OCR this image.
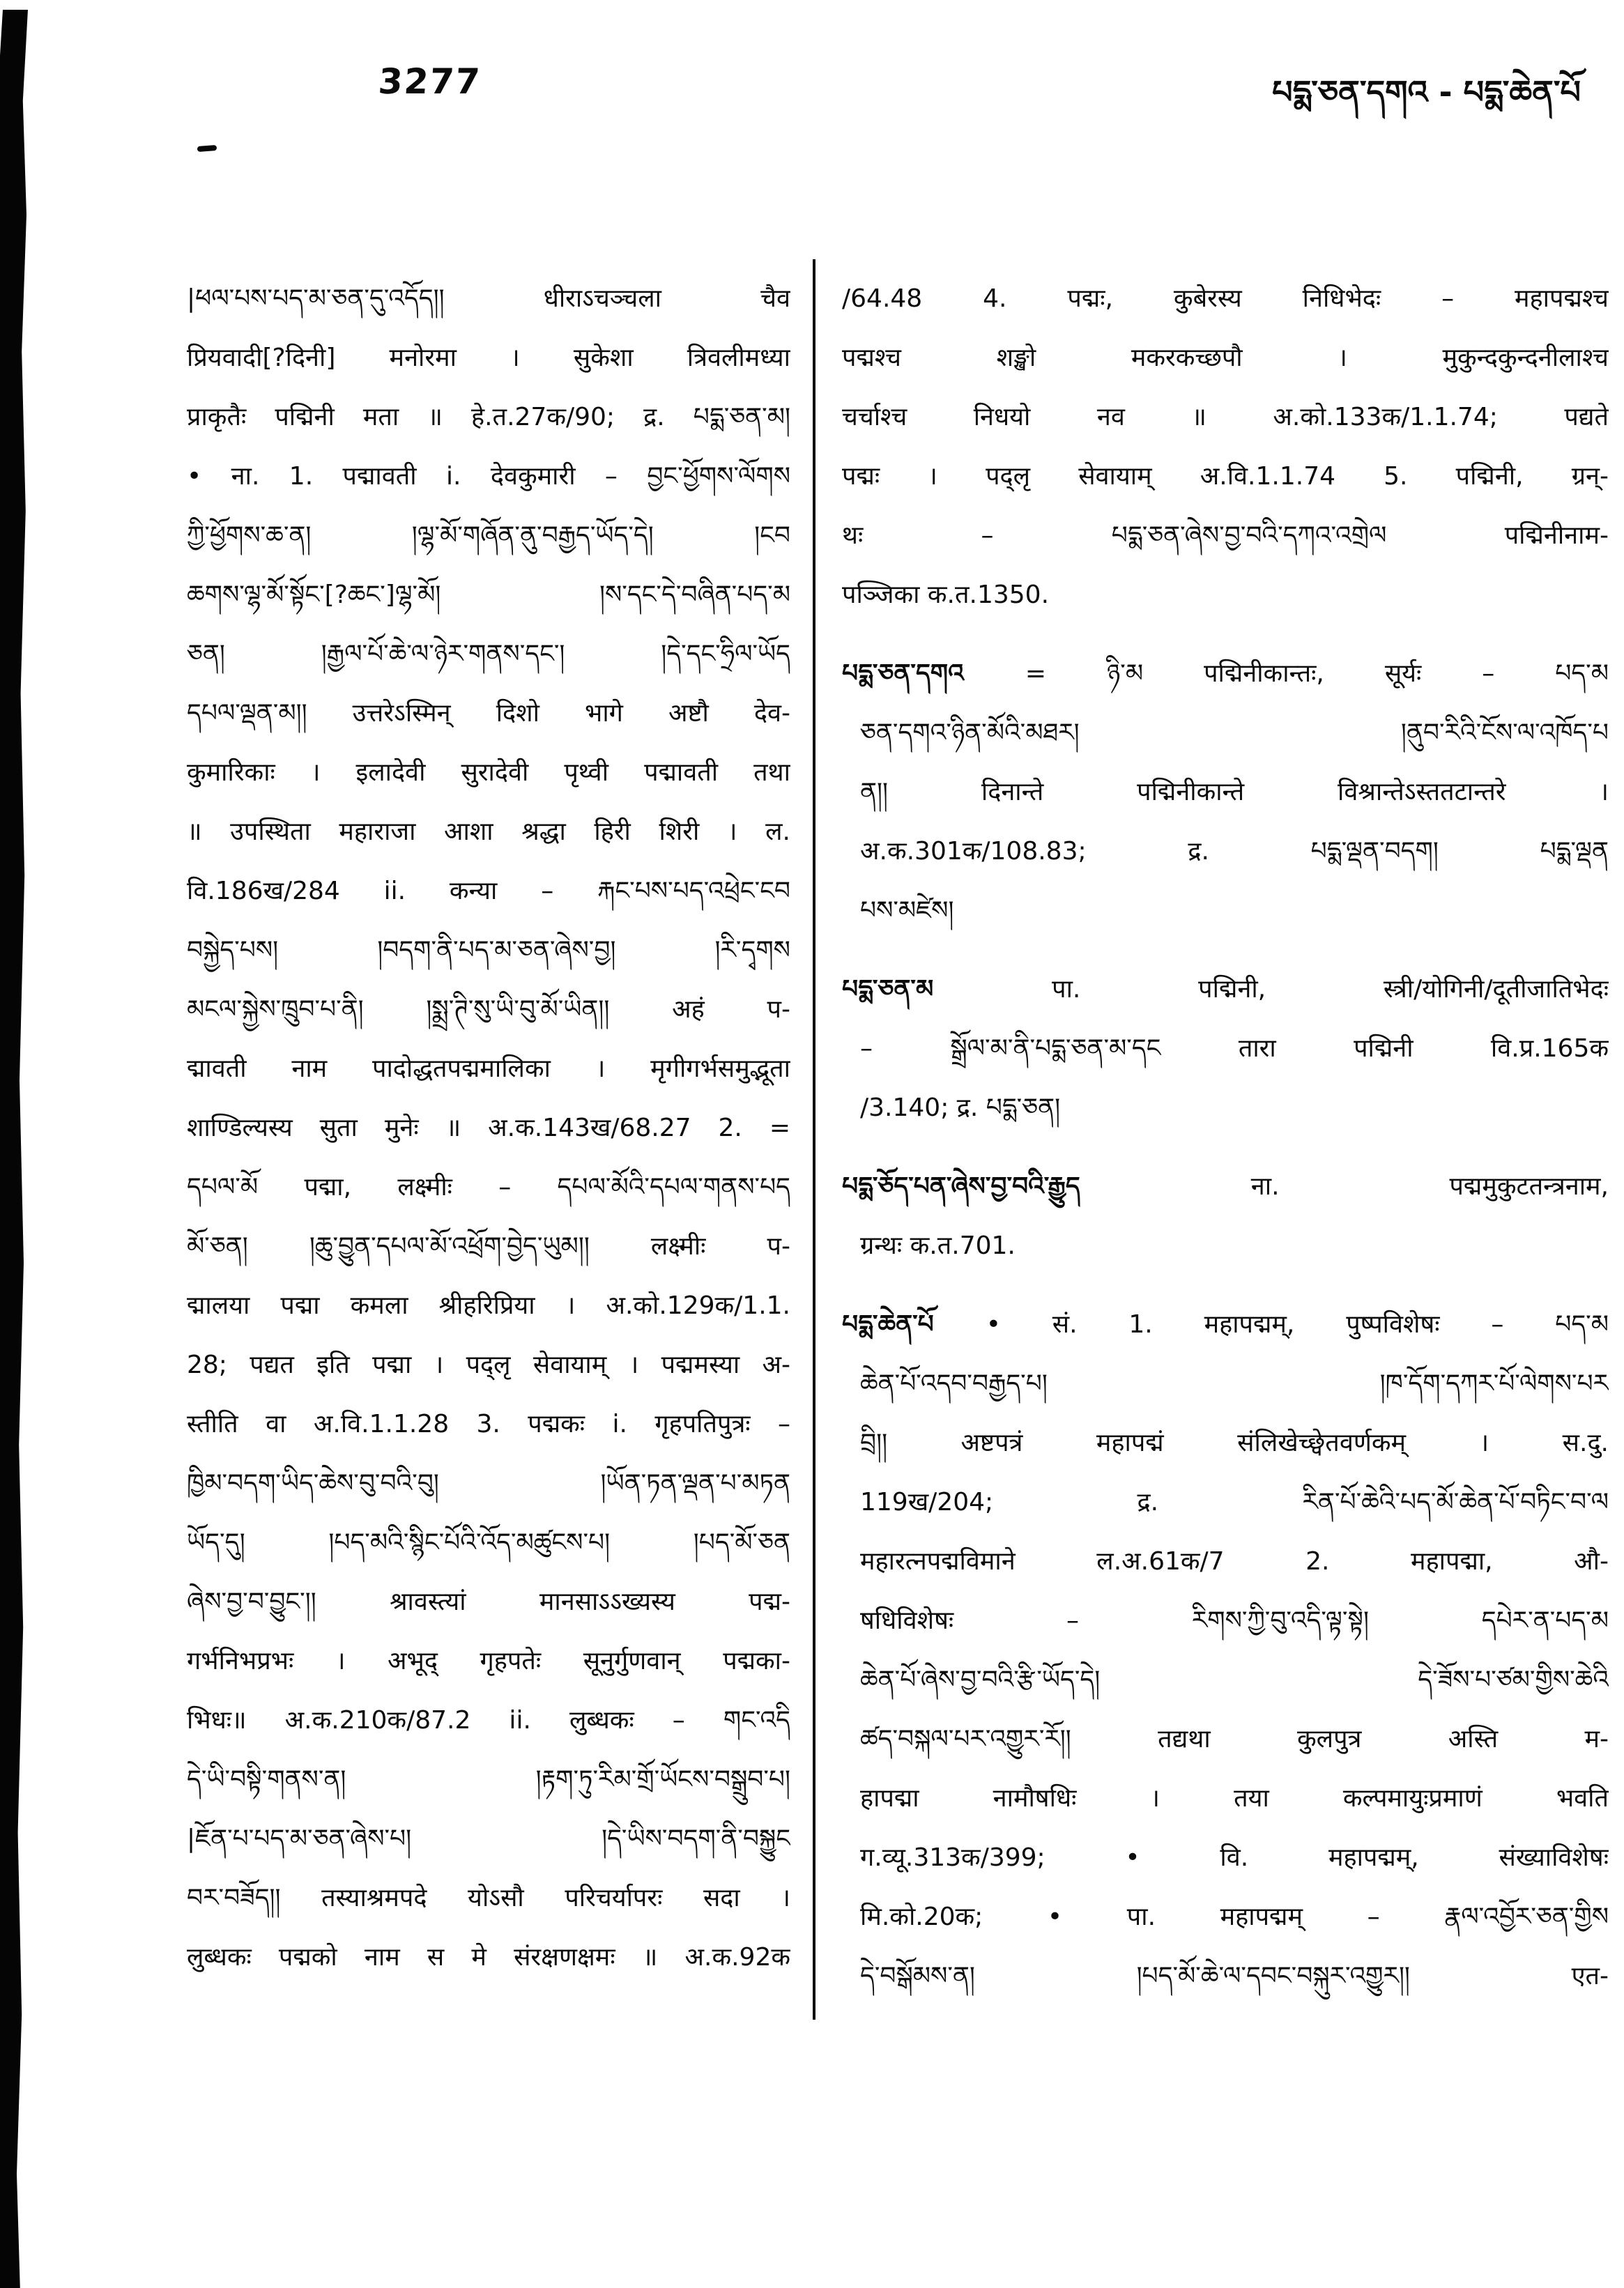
3277	པདྨ་ཅན་དགའ - པདྨ་ཆེན་པོ
|ཕལ་པས་པད་མ་ཅན་དུ་འདོད།། धीराऽचञ्चला चैव
प्रियवादी[?दिनी] मनोरमा । सुकेशा त्रिवलीमध्या
प्राकृतैः पद्मिनी मता ॥ हे.त.27क/90; द्र. པདྨ་ཅན་མ།
• ना. 1. पद्मावती i. देवकुमारी – བྱང་ཕྱོགས་ལོགས
ཀྱི་ཕྱོགས་ཆ་ན། །ལྷ་མོ་གཞོན་ནུ་བརྒྱད་ཡོད་དེ། །ངབ
ཆགས་ལྷ་མོ་སྟོང་[?ཆང་]ལྷ་མོ། །ས་དང་དེ་བཞིན་པད་མ
ཅན། །རྒྱལ་པོ་ཆེ་ལ་ཉེར་གནས་དང་། །དེ་དང་ཧྲིལ་ཡོད
དཔལ་ལྡན་མ།། उत्तरेऽस्मिन् दिशो भागे अष्टौ देव-
कुमारिकाः । इलादेवी सुरादेवी पृथ्वी पद्मावती तथा
॥ उपस्थिता महाराजा आशा श्रद्धा हिरी शिरी । ल.
वि.186ख/284 ii. कन्या – རྐང་པས་པད་འཕྲེང་ངབ
བསྐྱེད་པས། །བདག་ནི་པད་མ་ཅན་ཞེས་བྱ། །རི་དྭགས
མངལ་སྐྱེས་ཁྲུབ་པ་ནི། །སྨྲ་ཊི་སུ་ཡི་བུ་མོ་ཡིན།། अहं प-
द्मावती नाम पादोद्धतपद्ममालिका । मृगीगर्भसमुद्भूता
शाण्डिल्यस्य सुता मुनेः ॥ अ.क.143ख/68.27 2. =
དཔལ་མོ पद्मा, लक्ष्मीः – དཔལ་མོའི་དཔལ་གནས་པད
མོ་ཅན། །ཆུ་བྱུན་དཔལ་མོ་འཕྲོག་བྱེད་ཡུམ།། लक्ष्मीः प-
द्मालया पद्मा कमला श्रीहरिप्रिया । अ.को.129क/1.1.
28; पद्यत इति पद्मा । पद्लृ सेवायाम् । पद्ममस्या अ-
स्तीति वा अ.वि.1.1.28 3. पद्मकः i. गृहपतिपुत्रः –
ཁྱིམ་བདག་ཡིད་ཆེས་བུ་བའི་བུ། །ཡོན་ཏན་ལྡན་པ་མཏན
ཡོད་དུ། །པད་མའི་སྙིང་པོའི་འོད་མཚུངས་པ། །པད་མོ་ཅན
ཞེས་བྱ་བ་བྱུང་།། श्रावस्त्यां मानसाऽऽख्यस्य पद्म-
गर्भनिभप्रभः । अभूद् गृहपतेः सूनुर्गुणवान् पद्मका-
भिधः॥ अ.क.210क/87.2 ii. लुब्धकः – གང་འདི
དེ་ཡི་བསྟི་གནས་ན། །རྟག་ཏུ་རིམ་གྲོ་ཡོངས་བསྒྲུབ་པ།
|ཇོན་པ་པད་མ་ཅན་ཞེས་པ། །དེ་ཡིས་བདག་ནི་བསྐྱུང
བར་བཟོད།། तस्याश्रमपदे योऽसौ परिचर्यापरः सदा ।
लुब्धकः पद्मको नाम स मे संरक्षणक्षमः ॥ अ.क.92क
/64.48 4. पद्मः, कुबेरस्य निधिभेदः – महापद्मश्च
पद्मश्च शङ्खो मकरकच्छपौ । मुकुन्दकुन्दनीलाश्च
चर्चाश्च निधयो नव ॥ अ.को.133क/1.1.74; पद्यते
पद्मः । पद्लृ सेवायाम् अ.वि.1.1.74 5. पद्मिनी, ग्रन्-
थः – པདྨ་ཅན་ཞེས་བྱ་བའི་དཀའ་འགྲེལ पद्मिनीनाम-
पञ्जिका क.त.1350.
པདྨ་ཅན་དགའ = ཉི་མ पद्मिनीकान्तः, सूर्यः – པད་མ
ཅན་དགའ་ཉིན་མོའི་མཐར། །ནུབ་རིའི་ངོས་ལ་འཁོད་པ
ན།། दिनान्ते पद्मिनीकान्ते विश्रान्तेऽस्ततटान्तरे ।
अ.क.301क/108.83; द्र. པདྨ་ལྡན་བདག། པདྨ་ལྡན
པས་མཛེས།
པདྨ་ཅན་མ पा. पद्मिनी, स्त्री/योगिनी/दूतीजातिभेदः
– སྒྲོལ་མ་ནི་པདྨ་ཅན་མ་དང तारा पद्मिनी वि.प्र.165क
/3.140; द्र. པདྨ་ཅན།
པདྨ་ཅོད་པན་ཞེས་བྱ་བའི་རྒྱུད ना. पद्ममुकुटतन्त्रनाम,
ग्रन्थः क.त.701.
པདྨ་ཆེན་པོ • सं. 1. महापद्मम्, पुष्पविशेषः – པད་མ
ཆེན་པོ་འདབ་བརྒྱད་པ། །ཁ་དོག་དཀར་པོ་ལེགས་པར
བྲི།། अष्टपत्रं महापद्मं संलिखेच्छ्वेतवर्णकम् । स.दु.
119ख/204; द्र. རིན་པོ་ཆེའི་པད་མོ་ཆེན་པོ་བཏིང་བ་ལ
महारत्नपद्मविमाने ल.अ.61क/7 2. महापद्मा, औ-
षधिविशेषः – རིགས་ཀྱི་བུ་འདི་ལྟ་སྟེ། དཔེར་ན་པད་མ
ཆེན་པོ་ཞེས་བྱ་བའི་རྩི་ཡོད་དེ། དེ་ཟོས་པ་ཙམ་གྱིས་ཆེའི
ཚད་བསྐལ་པར་འགྱུར་རོ།། तद्यथा कुलपुत्र अस्ति म-
हापद्मा नामौषधिः । तया कल्पमायुःप्रमाणं भवति
ग.व्यू.313क/399; • वि. महापद्मम्, संख्याविशेषः
मि.को.20क; • पा. महापद्मम् – རྣལ་འབྱོར་ཅན་གྱིས
དེ་བསྒོམས་ན། །པད་མོ་ཆེ་ལ་དབང་བསྐུར་འགྱུར།། एत-
